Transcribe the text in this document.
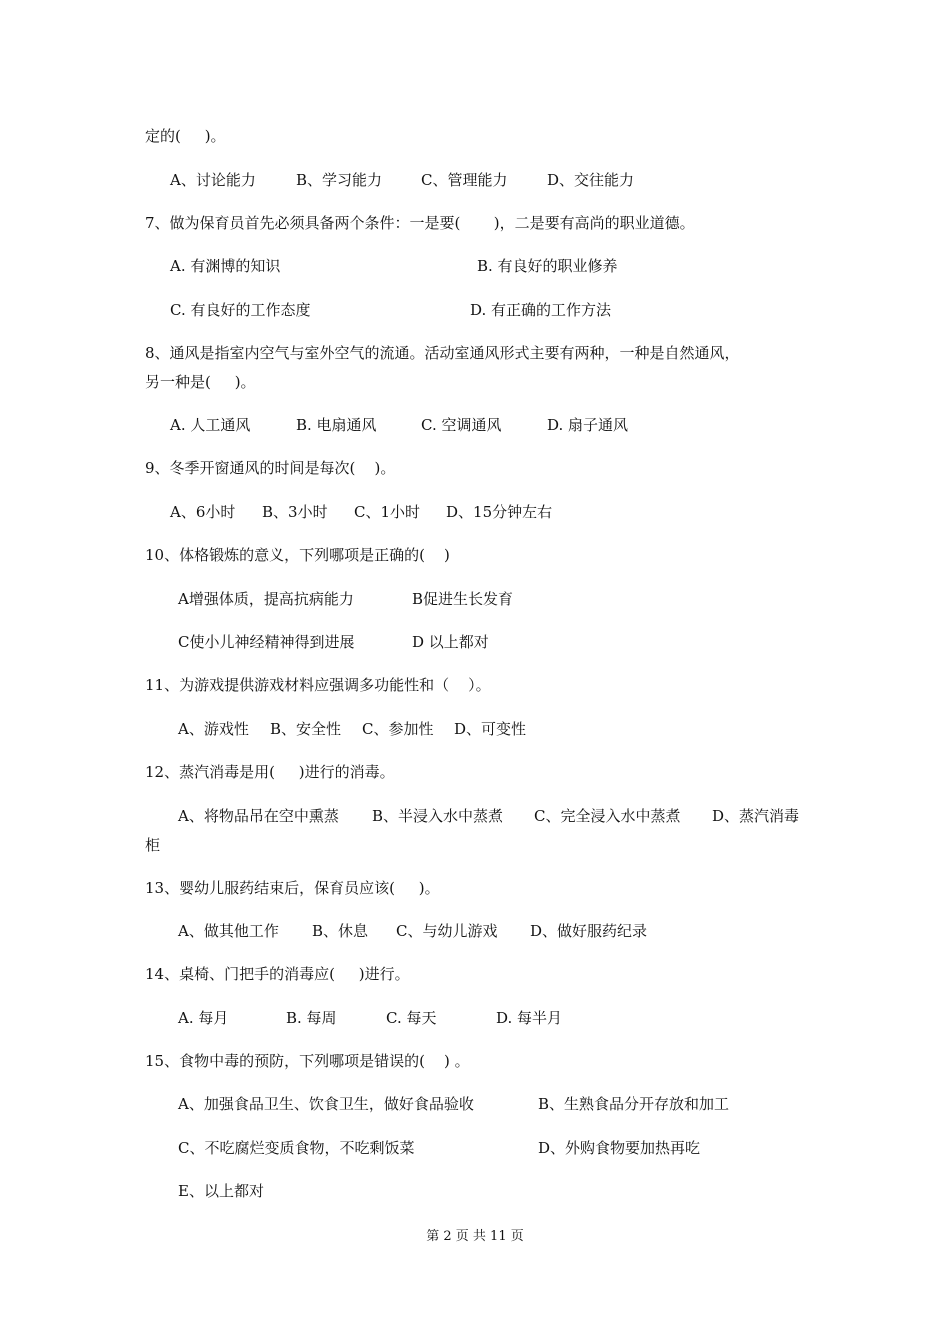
定的(     )。
A、讨论能力	B、学习能力	C、管理能力	D、交往能力
7、做为保育员首先必须具备两个条件：一是要(       )，二是要有高尚的职业道德。
A. 有渊博的知识	B. 有良好的职业修养
C. 有良好的工作态度	D. 有正确的工作方法
8、通风是指室内空气与室外空气的流通。活动室通风形式主要有两种，一种是自然通风，
另一种是(     )。
A. 人工通风	B. 电扇通风	C. 空调通风	D. 扇子通风
9、冬季开窗通风的时间是每次(    )。
A、6小时 B、3小时 C、1小时 D、15分钟左右
10、体格锻炼的意义，下列哪项是正确的(    )
A增强体质，提高抗病能力	B促进生长发育
C使小儿神经精神得到进展	D 以上都对
11、为游戏提供游戏材料应强调多功能性和（    ）。
A、游戏性 B、安全性 C、参加性 D、可变性
12、蒸汽消毒是用(     )进行的消毒。
A、将物品吊在空中熏蒸 B、半浸入水中蒸煮 C、完全浸入水中蒸煮 D、蒸汽消毒
柜
13、婴幼儿服药结束后，保育员应该(     )。
A、做其他工作 B、休息 C、与幼儿游戏 D、做好服药纪录
14、桌椅、门把手的消毒应(     )进行。
A. 每月	B. 每周	C. 每天	D. 每半月
15、食物中毒的预防，下列哪项是错误的(    ) 。
A、加强食品卫生、饮食卫生，做好食品验收	B、生熟食品分开存放和加工
C、不吃腐烂变质食物，不吃剩饭菜	D、外购食物要加热再吃
E、以上都对
第 2 页 共 11 页
